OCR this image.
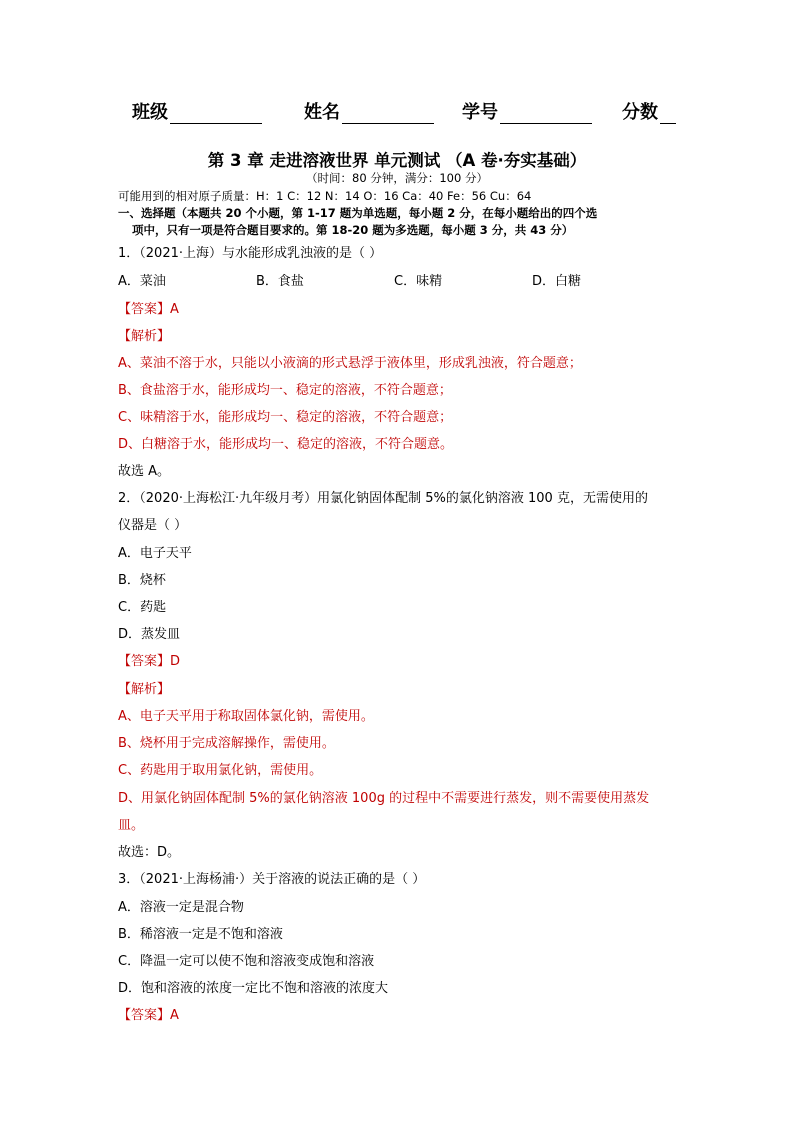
班级	姓名	学号	分数
第 3 章 走进溶液世界 单元测试 （A 卷·夯实基础）
（时间：80 分钟，满分：100 分）
可能用到的相对原子质量：H：1 C：12 N：14 O：16 Ca：40 Fe：56 Cu：64
一、选择题（本题共 20 个小题，第 1-17 题为单选题，每小题 2 分，在每小题给出的四个选
项中，只有一项是符合题目要求的。第 18-20 题为多选题，每小题 3 分，共 43 分）
1．（2021·上海）与水能形成乳浊液的是（ ）
A．菜油	B．食盐	C．味精	D．白糖
【答案】A
【解析】
A、菜油不溶于水，只能以小液滴的形式悬浮于液体里，形成乳浊液，符合题意；
B、食盐溶于水，能形成均一、稳定的溶液，不符合题意；
C、味精溶于水，能形成均一、稳定的溶液，不符合题意；
D、白糖溶于水，能形成均一、稳定的溶液，不符合题意。
故选 A。
2．（2020·上海松江·九年级月考）用氯化钠固体配制 5%的氯化钠溶液 100 克，无需使用的
仪器是（ ）
A．电子天平
B．烧杯
C．药匙
D．蒸发皿
【答案】D
【解析】
A、电子天平用于称取固体氯化钠，需使用。
B、烧杯用于完成溶解操作，需使用。
C、药匙用于取用氯化钠，需使用。
D、用氯化钠固体配制 5%的氯化钠溶液 100g 的过程中不需要进行蒸发，则不需要使用蒸发
皿。
故选：D。
3．（2021·上海杨浦·）关于溶液的说法正确的是（ ）
A．溶液一定是混合物
B．稀溶液一定是不饱和溶液
C．降温一定可以使不饱和溶液变成饱和溶液
D．饱和溶液的浓度一定比不饱和溶液的浓度大
【答案】A
